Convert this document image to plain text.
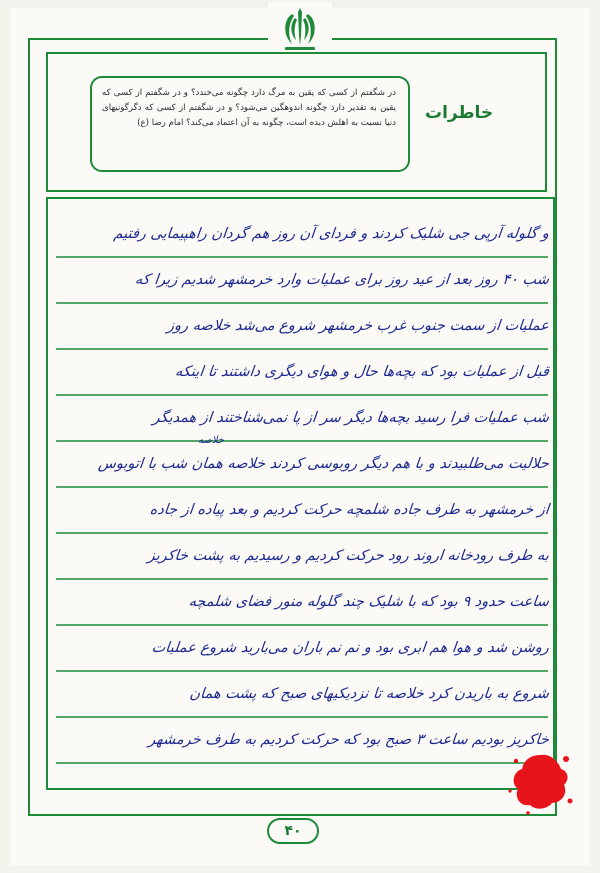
خاطرات
در شگفتم از کسی که یقین به مرگ دارد چگونه می‌خندد؟ و در شگفتم از کسی که یقین به تقدیر دارد چگونه اندوهگین می‌شود؟ و در شگفتم از کسی که دگرگونیهای دنیا نسبت به اهلش دیده است، چگونه به آن اعتماد می‌کند؟ امام رضا (ع)
و گلوله آرپی جی شلیک کردند و فردای آن روز هم گردان راهپیمایی رفتیم
شب ۴۰ روز بعد از عید روز برای عملیات وارد خرمشهر شدیم زیرا که
عملیات از سمت جنوب غرب خرمشهر شروع می‌شد خلاصه روز
قبل از عملیات بود که بچه‌ها حال و هوای دیگری داشتند تا اینکه
شب عملیات فرا رسید بچه‌ها دیگر سر از پا نمی‌شناختند از همدیگر
خلاصه
حلالیت می‌طلبیدند و با هم دیگر روبوسی کردند خلاصه همان شب با اتوبوس
از خرمشهر به طرف جاده شلمچه حرکت کردیم و بعد پیاده از جاده
به طرف رودخانه اروند رود حرکت کردیم و رسیدیم به پشت خاکریز
ساعت حدود ۹ بود که با شلیک چند گلوله منور فضای شلمچه
روشن شد و هوا هم ابری بود و نم نم باران می‌بارید شروع عملیات
شروع به باریدن کرد خلاصه تا نزدیکیهای صبح که پشت همان
خاکریز بودیم ساعت ۳ صبح بود که حرکت کردیم به طرف خرمشهر
۴۰
